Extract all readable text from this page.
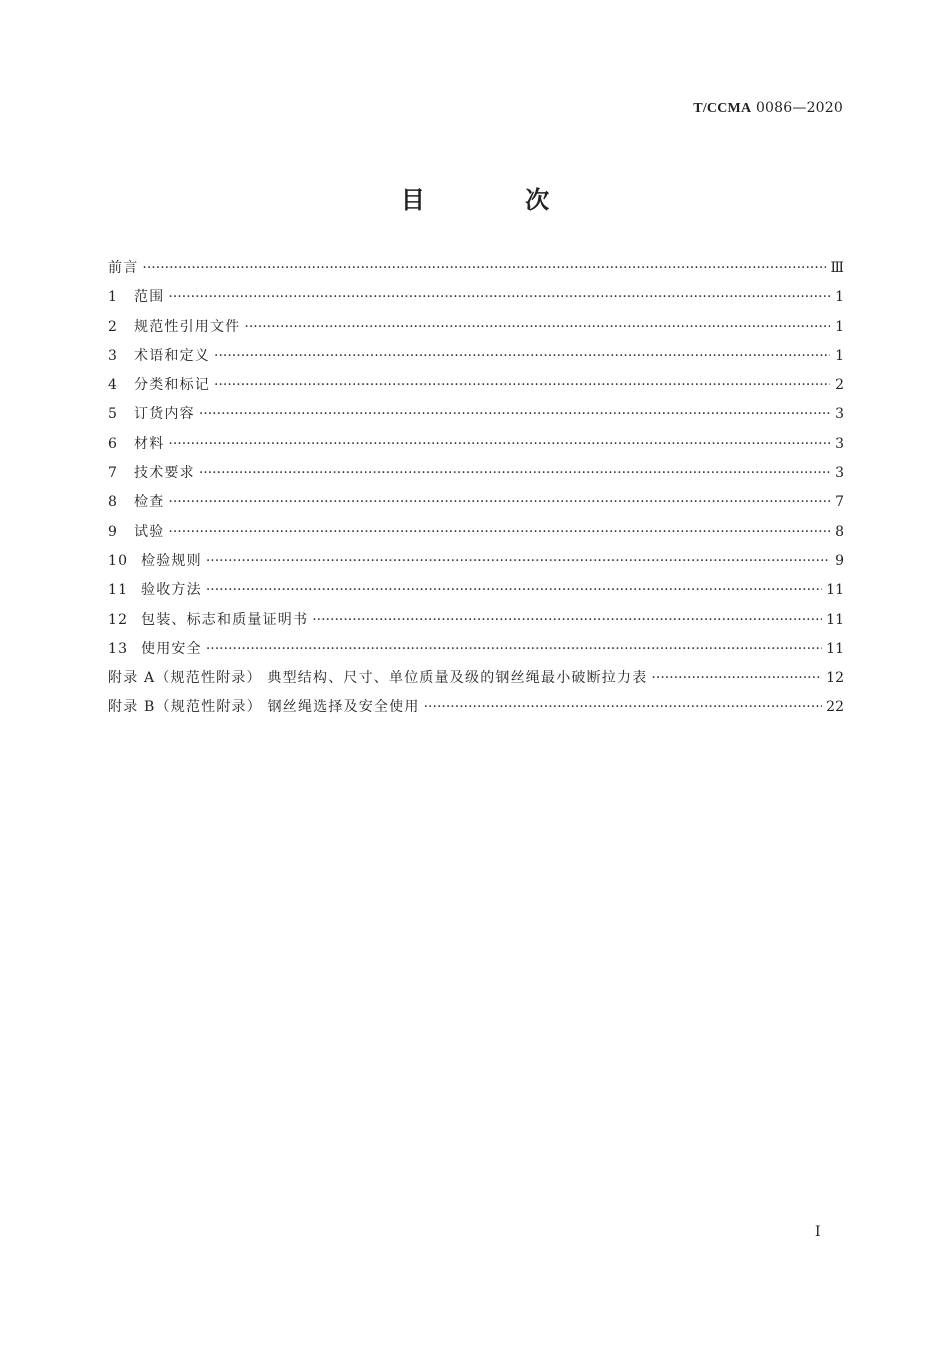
T/CCMA 0086—2020
目 次
前言 ·····	Ⅲ
1	范围 ·····	1
2	规范性引用文件 ·····	1
3	术语和定义 ·····	1
4	分类和标记 ·····	2
5	订货内容 ·····	3
6	材料 ·····	3
7	技术要求 ·····	3
8	检查 ·····	7
9	试验 ·····	8
10 检验规则 ·····	9
11 验收方法 ·····	11
12 包装、标志和质量证明书 ·····	11
13 使用安全 ·····	11
附录 A（规范性附录） 典型结构、尺寸、单位质量及级的钢丝绳最小破断拉力表 ·····	12
附录 B（规范性附录） 钢丝绳选择及安全使用 ·····	22
I
